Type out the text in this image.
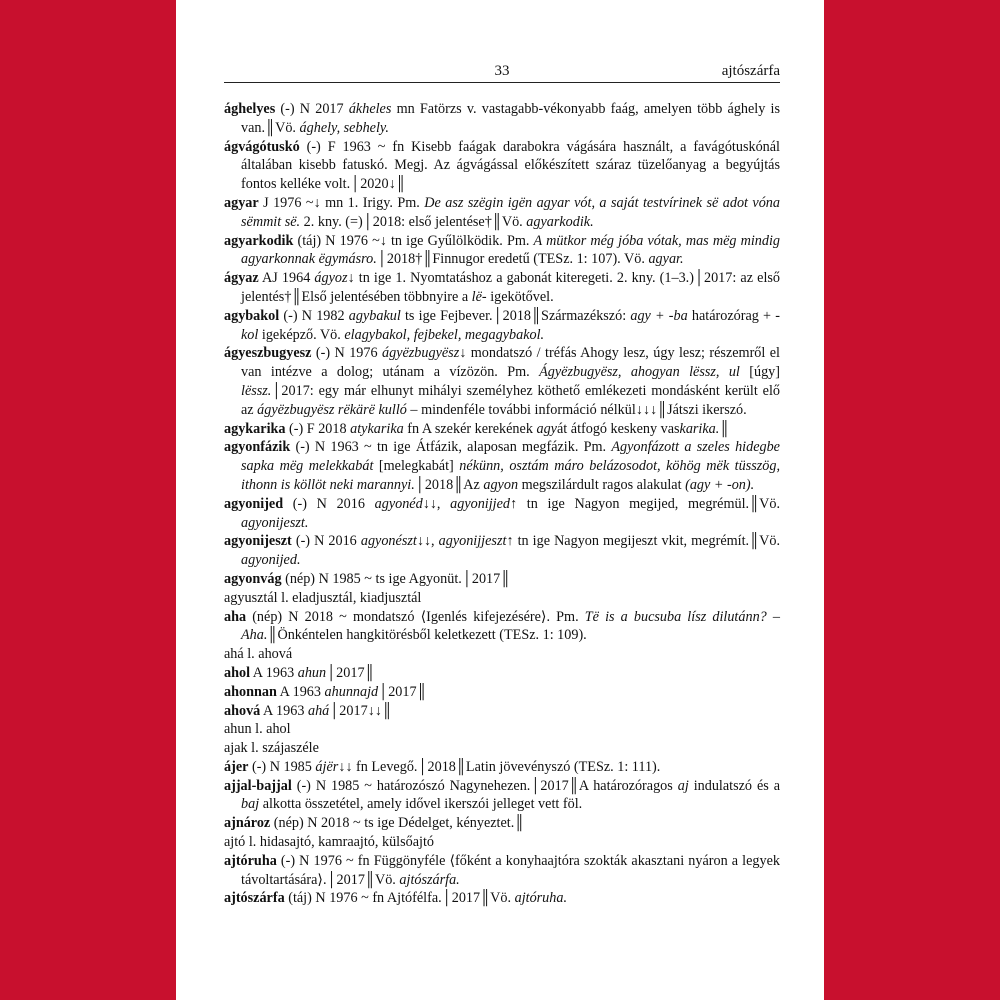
33	ajtószárfa
ághelyes (-) N 2017 ákheles mn Fatörzs v. vastagabb-vékonyabb faág, amelyen több ághely is van.║Vö. ághely, sebhely.
ágvágótuskó (-) F 1963 ~ fn Kisebb faágak darabokra vágására használt, a favágótuskónál általában kisebb fatuskó. Megj. Az ágvágással előkészített száraz tüzelőanyag a begyújtás fontos kelléke volt.│2020↓║
agyar J 1976 ~↓ mn 1. Irigy. Pm. De asz szëgin igën agyar vót, a saját testvírinek së adot vóna sëmmit së. 2. kny. (=)│2018: első jelentése†║Vö. agyarkodik.
agyarkodik (táj) N 1976 ~↓ tn ige Gyűlölködik. Pm. A mütkor még jóba vótak, mas mëg mindig agyarkonnak ëgymásro.│2018†║Finnugor eredetű (TESz. 1: 107). Vö. agyar.
ágyaz AJ 1964 ágyoz↓ tn ige 1. Nyomtatáshoz a gabonát kiteregeti. 2. kny. (1–3.)│2017: az első jelentés†║Első jelentésében többnyire a lë- igekötővel.
agybakol (-) N 1982 agybakul ts ige Fejbever.│2018║Származékszó: agy + -ba határozórag + -kol igeképző. Vö. elagybakol, fejbekel, megagybakol.
ágyeszbugyesz (-) N 1976 ágyëzbugyësz↓ mondatszó / tréfás Ahogy lesz, úgy lesz; részemről el van intézve a dolog; utánam a vízözön. Pm. Ágyëzbugyësz, ahogyan lëssz, ul [úgy] lëssz.│2017: egy már elhunyt mihályi személyhez köthető emlékezeti mondásként került elő az ágyëzbugyësz rëkärë kulló – mindenféle további információ nélkül↓↓↓║Játszi ikerszó.
agykarika (-) F 2018 atykarika fn A szekér kerekének agyát átfogó keskeny vaskarika.║
agyonfázik (-) N 1963 ~ tn ige Átfázik, alaposan megfázik. Pm. Agyonfázott a szeles hidegbe sapka mëg melekkabát [melegkabát] nékünn, osztám máro belázosodot, köhög mëk tüsszög, ithonn is köllöt neki marannyi.│2018║Az agyon megszilárdult ragos alakulat (agy + -on).
agyonijed (-) N 2016 agyonéd↓↓, agyonijjed↑ tn ige Nagyon megijed, megrémül.║Vö. agyonijeszt.
agyonijeszt (-) N 2016 agyonészt↓↓, agyonijjeszt↑ tn ige Nagyon megijeszt vkit, megrémít.║Vö. agyonijed.
agyonvág (nép) N 1985 ~ ts ige Agyonüt.│2017║
agyusztál l. eladjusztál, kiadjusztál
aha (nép) N 2018 ~ mondatszó ⟨Igenlés kifejezésére⟩. Pm. Të is a bucsuba lísz dilutánn? – Aha.║Önkéntelen hangkitörésből keletkezett (TESz. 1: 109).
ahá l. ahová
ahol A 1963 ahun│2017║
ahonnan A 1963 ahunnajd│2017║
ahová A 1963 ahá│2017↓↓║
ahun l. ahol
ajak l. szájaszéle
ájer (-) N 1985 ájër↓↓ fn Levegő.│2018║Latin jövevényszó (TESz. 1: 111).
ajjal-bajjal (-) N 1985 ~ határozószó Nagynehezen.│2017║A határozóragos aj indulatszó és a baj alkotta összetétel, amely idővel ikerszói jelleget vett föl.
ajnároz (nép) N 2018 ~ ts ige Dédelget, kényeztet.║
ajtó l. hidasajtó, kamraajtó, külsőajtó
ajtóruha (-) N 1976 ~ fn Függönyféle ⟨főként a konyhaajtóra szokták akasztani nyáron a legyek távoltartására⟩.│2017║Vö. ajtószárfa.
ajtószárfa (táj) N 1976 ~ fn Ajtófélfa.│2017║Vö. ajtóruha.
